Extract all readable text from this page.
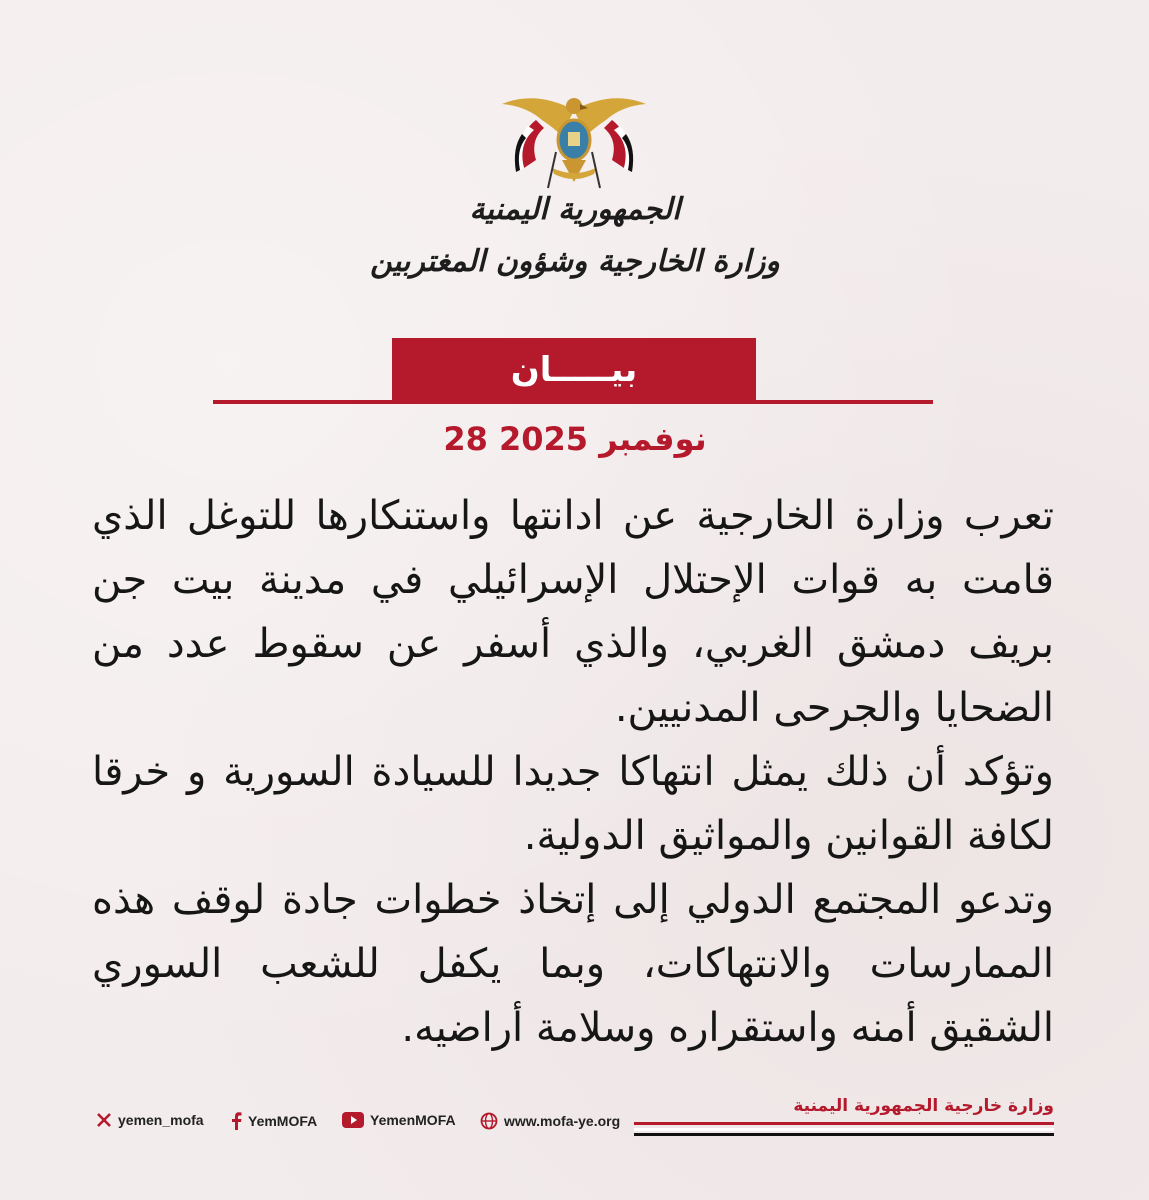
الجمهورية اليمنية
وزارة الخارجية وشؤون المغتربين
بيـــــان
28 نوفمبر 2025

تعرب وزارة الخارجية عن ادانتها واستنكارها للتوغل الذي قامت به قوات الإحتلال الإسرائيلي في مدينة بيت جن بريف دمشق الغربي، والذي أسفر عن سقوط عدد من الضحايا والجرحى المدنيين.

وتؤكد أن ذلك يمثل انتهاكا جديدا للسيادة السورية و خرقا لكافة القوانين والمواثيق الدولية.

وتدعو المجتمع الدولي إلى إتخاذ خطوات جادة لوقف هذه الممارسات والانتهاكات، وبما يكفل للشعب السوري الشقيق أمنه واستقراره وسلامة أراضيه.

وزارة خارجية الجمهورية اليمنية
yemen_mofa	YemMOFA	YemenMOFA	www.mofa-ye.org
